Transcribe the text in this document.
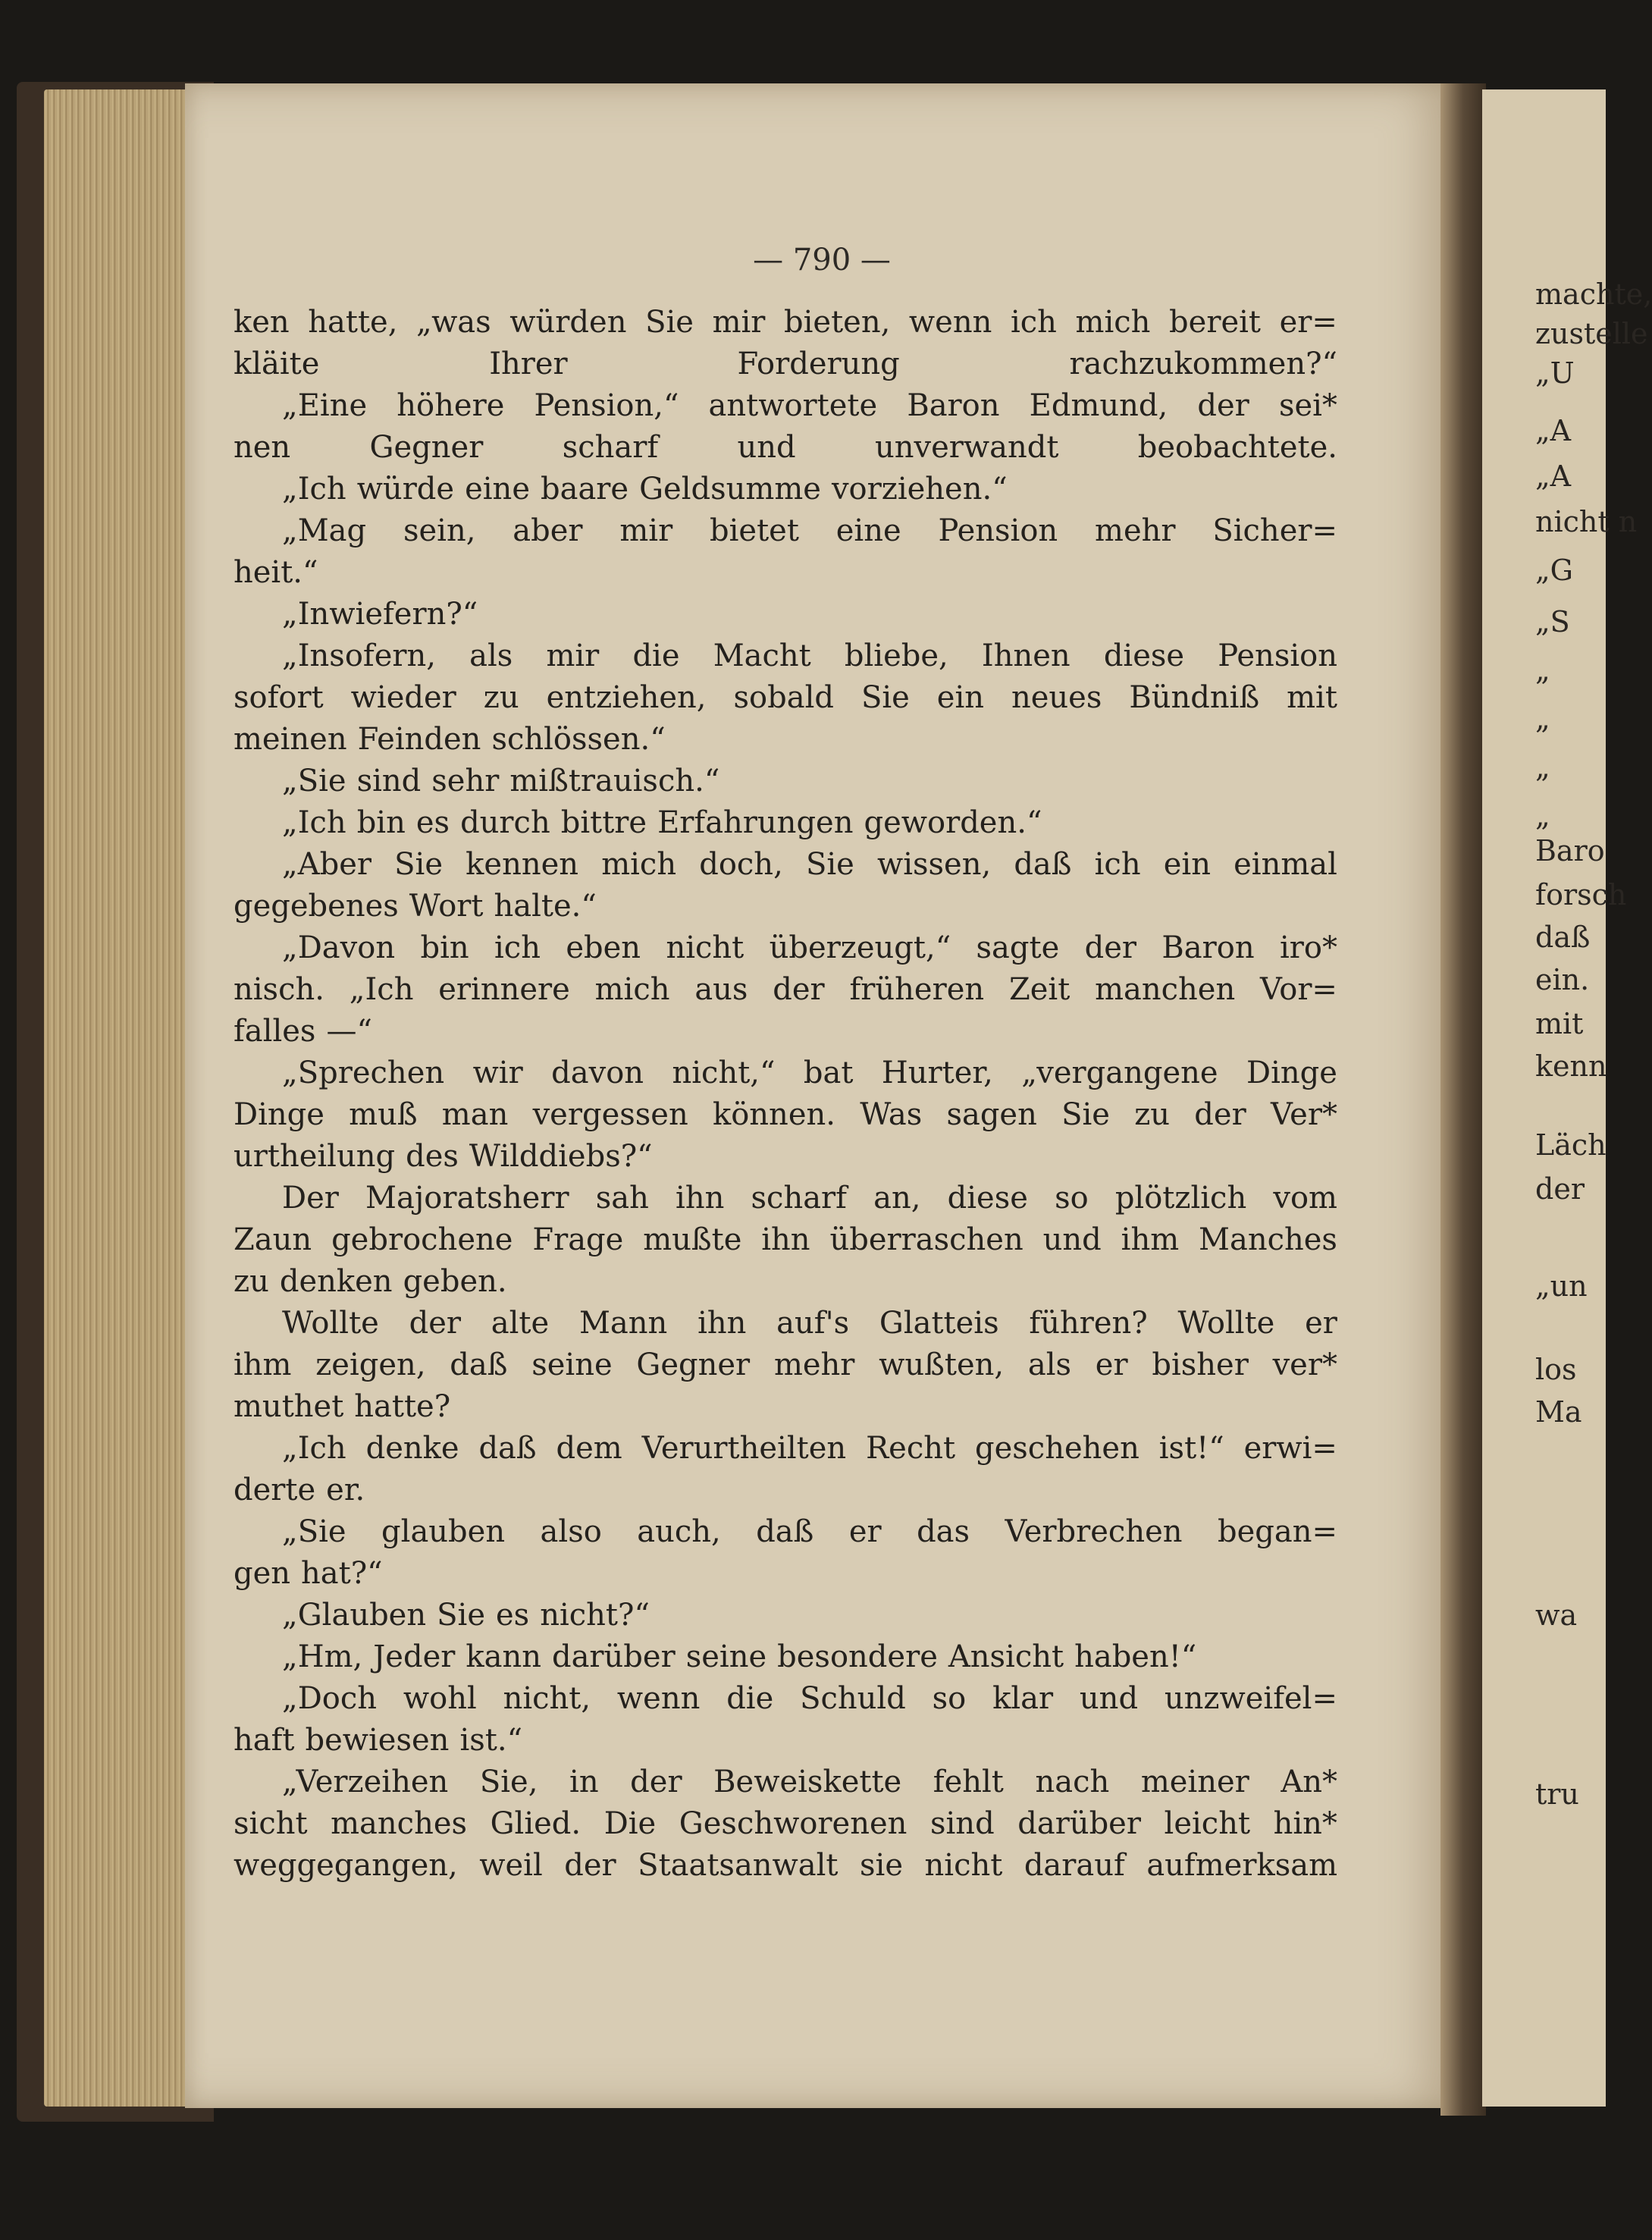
— 790 —
ken hatte, „was würden Sie mir bieten, wenn ich mich bereit er=
kläite	Ihrer	Forderung	rachzukommen?“
„Eine höhere Pension,“ antwortete Baron Edmund, der sei*
nen	Gegner	scharf	und	unverwandt	beobachtete.
„Ich würde eine baare Geldsumme vorziehen.“
„Mag sein, aber mir bietet eine Pension mehr Sicher=
heit.“
„Inwiefern?“
„Insofern, als mir die Macht bliebe, Ihnen diese Pension
sofort wieder zu entziehen, sobald Sie ein neues Bündniß mit
meinen Feinden schlössen.“
„Sie sind sehr mißtrauisch.“
„Ich bin es durch bittre Erfahrungen geworden.“
„Aber Sie kennen mich doch, Sie wissen, daß ich ein einmal
gegebenes Wort halte.“
„Davon bin ich eben nicht überzeugt,“ sagte der Baron iro*
nisch. „Ich erinnere mich aus der früheren Zeit manchen Vor=
falles —“
„Sprechen wir davon nicht,“ bat Hurter, „vergangene Dinge
Dinge muß man vergessen können. Was sagen Sie zu der Ver*
urtheilung des Wilddiebs?“
Der Majoratsherr sah ihn scharf an, diese so plötzlich vom
Zaun gebrochene Frage mußte ihn überraschen und ihm Manches
zu denken geben.
Wollte der alte Mann ihn auf's Glatteis führen? Wollte er
ihm zeigen, daß seine Gegner mehr wußten, als er bisher ver*
muthet hatte?
„Ich denke daß dem Verurtheilten Recht geschehen ist!“ erwi=
derte er.
„Sie glauben also auch, daß er das Verbrechen began=
gen hat?“
„Glauben Sie es nicht?“
„Hm, Jeder kann darüber seine besondere Ansicht haben!“
„Doch wohl nicht, wenn die Schuld so klar und unzweifel=
haft bewiesen ist.“
„Verzeihen Sie, in der Beweiskette fehlt nach meiner An*
sicht manches Glied. Die Geschworenen sind darüber leicht hin*
weggegangen, weil der Staatsanwalt sie nicht darauf aufmerksam
machte,
zustelle
„U
„A
„A
nicht n
„G
„S
„
„
„
„
Baro
forsch
daß
ein.
mit
kenn
Läch
der
„un
los
Ma
wa
tru
